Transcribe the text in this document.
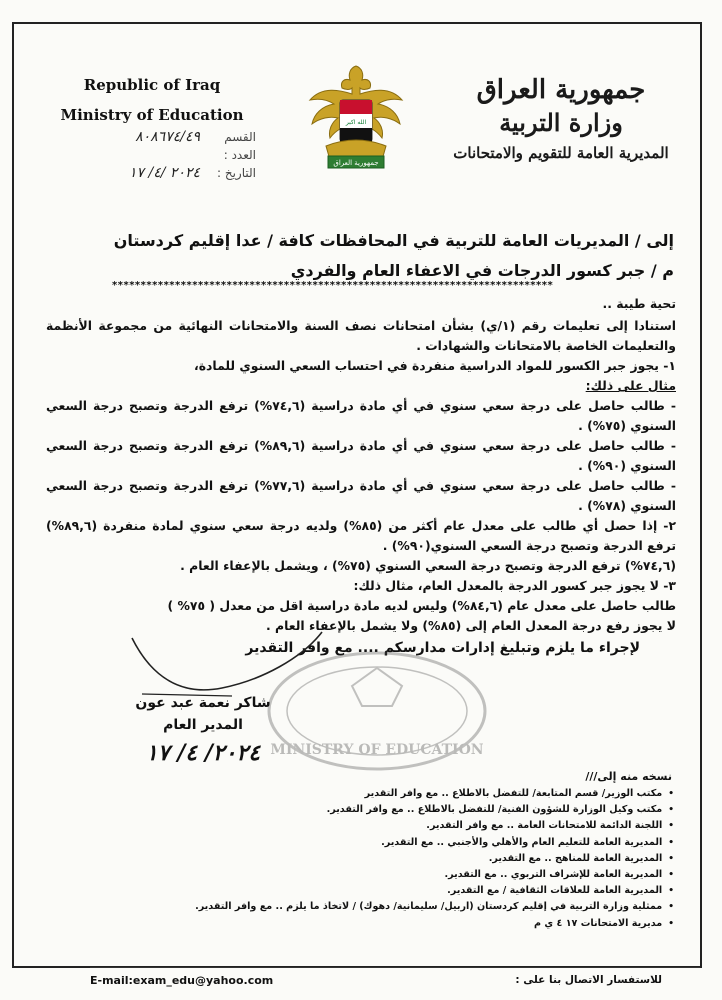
Republic of Iraq
Ministry of Education	الله اكبر
جمهورية العراق
جمهورية العراق
وزارة التربية
المديرية العامة للتقويم والامتحانات
القسم
٨٠٨٦٧٤/٤٩
العدد :
التاريخ :
٢٠٢٤ /٤/ ١٧
إلى / المديريات العامة للتربية في المحافظات كافة / عدا إقليم كردستان
م / جبر كسور الدرجات في الاعفاء العام والفردي
*****************************************************************************

تحية طيبة ..

استنادا إلى تعليمات رقم (١/ي) بشأن امتحانات نصف السنة والامتحانات النهائية من مجموعة الأنظمة والتعليمات الخاصة بالامتحانات والشهادات .

١- يجوز جبر الكسور للمواد الدراسية منفردة في احتساب السعي السنوي للمادة،

مثال على ذلك:

- طالب حاصل على درجة سعي سنوي في أي مادة دراسية (٧٤,٦%) ترفع الدرجة وتصبح درجة السعي السنوي (٧٥%) .

- طالب حاصل على درجة سعي سنوي في أي مادة دراسية (٨٩,٦%) ترفع الدرجة وتصبح درجة السعي السنوي (٩٠%) .

- طالب حاصل على درجة سعي سنوي في أي مادة دراسية (٧٧,٦%) ترفع الدرجة وتصبح درجة السعي السنوي (٧٨%) .

٢- إذا حصل أي طالب على معدل عام أكثر من (٨٥%) ولديه درجة سعي سنوي لمادة منفردة (٨٩,٦%) ترفع الدرجة وتصبح درجة السعي السنوي(٩٠%) .

(٧٤,٦%) ترفع الدرجة وتصبح درجة السعي السنوي (٧٥%) ، ويشمل بالإعفاء العام .

٣- لا يجوز جبر كسور الدرجة بالمعدل العام، مثال ذلك:

طالب حاصل على معدل عام (٨٤,٦%) وليس لديه مادة دراسية اقل من معدل ( ٧٥% )

لا يجوز رفع درجة المعدل العام إلى (٨٥%) ولا يشمل بالإعفاء العام .

لإجراء ما يلزم وتبليغ إدارات مدارسكم .... مع وافر التقدير

MINISTRY OF EDUCATION
شاكر نعمة عبد عون
المدير العام
٢٠٢٤/ ٤/ ١٧
نسخه منه إلى///
•
مكتب الوزير/ قسم المتابعة/ للتفضل بالاطلاع .. مع وافر التقدير
•
مكتب وكيل الوزارة للشؤون الفنية/ للتفضل بالاطلاع .. مع وافر التقدير.
•
اللجنة الدائمة للامتحانات العامة .. مع وافر التقدير.
•
المديرية العامة للتعليم العام والأهلي والأجنبي .. مع التقدير.
•
المديرية العامة للمناهج .. مع التقدير.
•
المديرية العامة للإشراف التربوي .. مع التقدير.
•
المديرية العامة للعلاقات الثقافية / مع التقدير.
•
ممثلية وزارة التربية في إقليم كردستان (اربيل/ سليمانية/ دهوك) / لاتخاذ ما يلزم .. مع وافر التقدير.
•
مديرية الامتحانات ١٧ ٤ ي م
E-mail:exam_edu@yahoo.com	للاستفسار الاتصال بنا على :
